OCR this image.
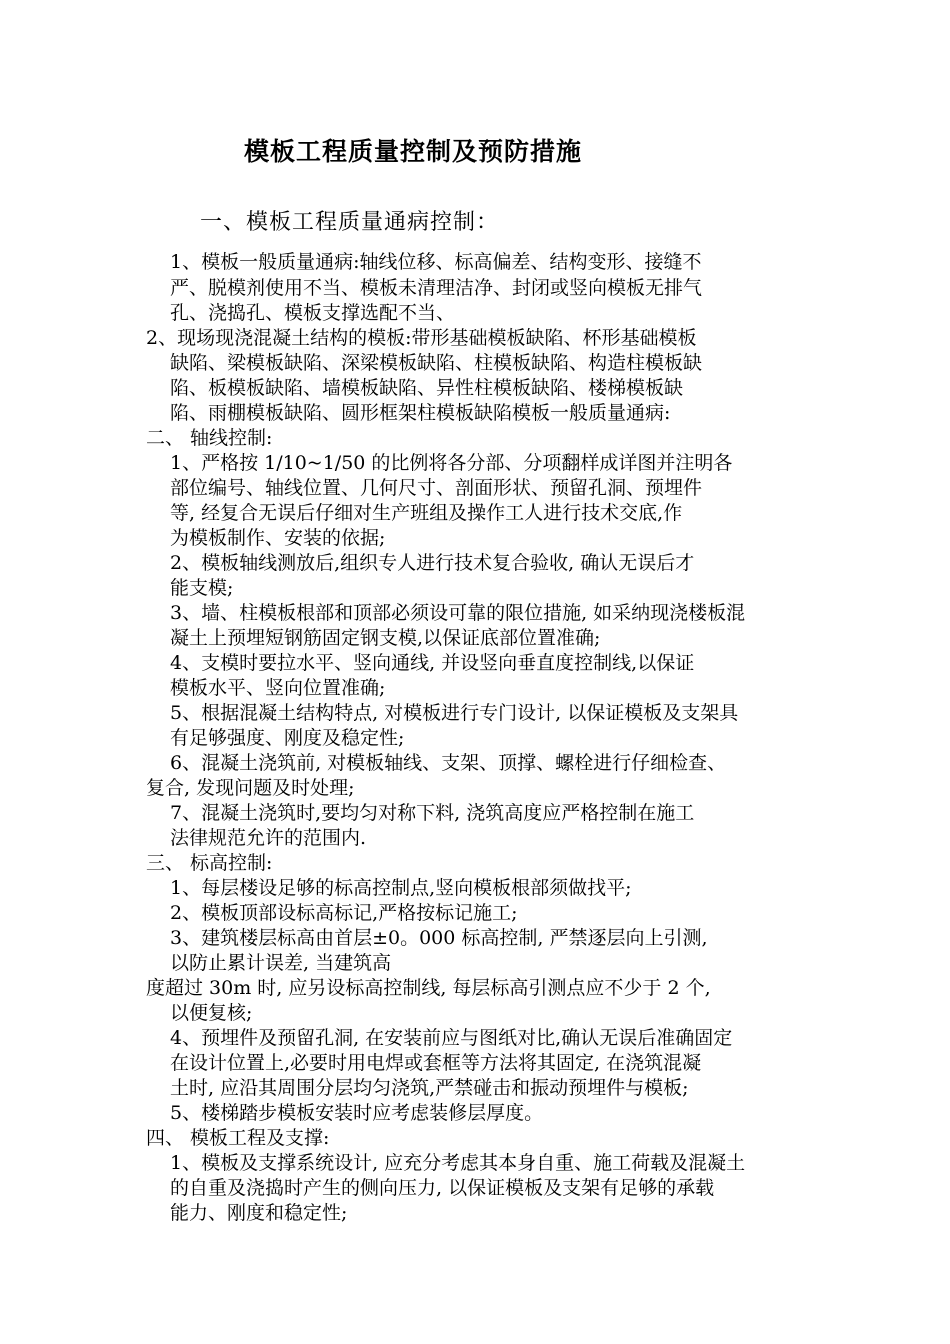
模板工程质量控制及预防措施
一、模板工程质量通病控制：
1、模板一般质量通病:轴线位移、标高偏差、结构变形、接缝不
严、脱模剂使用不当、模板未清理洁净、封闭或竖向模板无排气
孔、浇捣孔、模板支撑选配不当、
2、现场现浇混凝土结构的模板:带形基础模板缺陷、杯形基础模板
缺陷、梁模板缺陷、深梁模板缺陷、柱模板缺陷、构造柱模板缺
陷、板模板缺陷、墙模板缺陷、异性柱模板缺陷、楼梯模板缺
陷、雨棚模板缺陷、圆形框架柱模板缺陷模板一般质量通病:
二、 轴线控制:
1、严格按 1/10~1/50 的比例将各分部、分项翻样成详图并注明各
部位编号、轴线位置、几何尺寸、剖面形状、预留孔洞、预埋件
等, 经复合无误后仔细对生产班组及操作工人进行技术交底,作
为模板制作、安装的依据;
2、模板轴线测放后,组织专人进行技术复合验收, 确认无误后才
能支模;
3、墙、柱模板根部和顶部必须设可靠的限位措施, 如采纳现浇楼板混
凝土上预埋短钢筋固定钢支模,以保证底部位置准确;
4、支模时要拉水平、竖向通线, 并设竖向垂直度控制线,以保证
模板水平、竖向位置准确;
5、根据混凝土结构特点, 对模板进行专门设计, 以保证模板及支架具
有足够强度、刚度及稳定性;
6、混凝土浇筑前, 对模板轴线、支架、顶撑、螺栓进行仔细检查、
复合, 发现问题及时处理;
7、混凝土浇筑时,要均匀对称下料, 浇筑高度应严格控制在施工
法律规范允许的范围内.
三、 标高控制:
1、每层楼设足够的标高控制点,竖向模板根部须做找平;
2、模板顶部设标高标记,严格按标记施工;
3、建筑楼层标高由首层±0。000 标高控制, 严禁逐层向上引测,
以防止累计误差, 当建筑高
度超过 30m 时, 应另设标高控制线, 每层标高引测点应不少于 2 个,
以便复核;
4、预埋件及预留孔洞, 在安装前应与图纸对比,确认无误后准确固定
在设计位置上,必要时用电焊或套框等方法将其固定, 在浇筑混凝
土时, 应沿其周围分层均匀浇筑,严禁碰击和振动预埋件与模板;
5、楼梯踏步模板安装时应考虑装修层厚度。
四、 模板工程及支撑:
1、模板及支撑系统设计, 应充分考虑其本身自重、施工荷载及混凝土
的自重及浇捣时产生的侧向压力, 以保证模板及支架有足够的承载
能力、刚度和稳定性;
